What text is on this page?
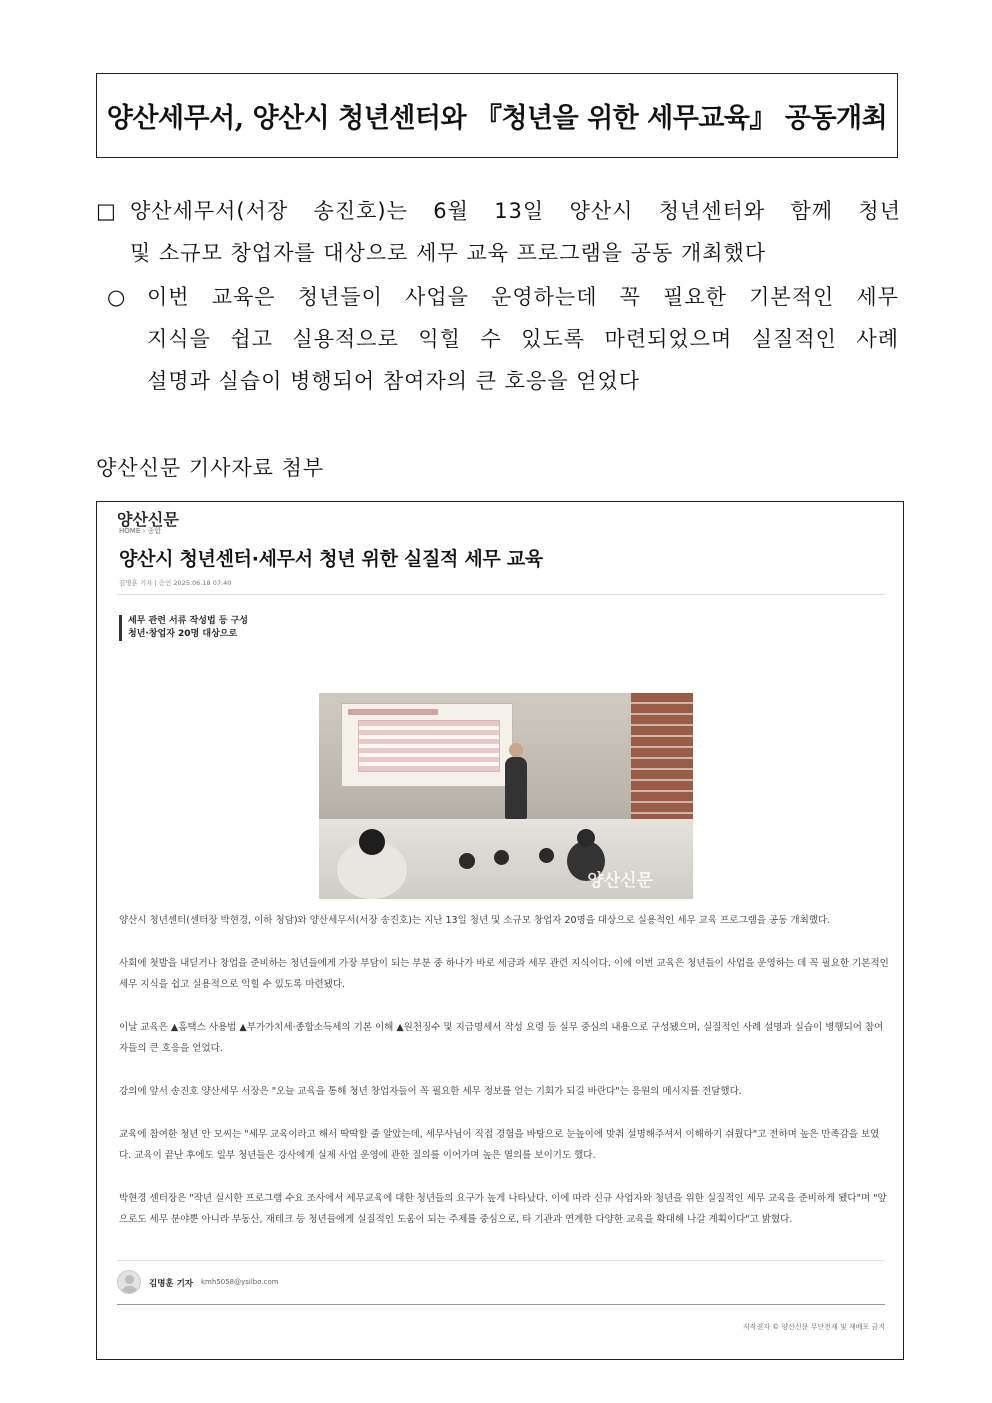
양산세무서, 양산시 청년센터와 『청년을 위한 세무교육』 공동개최
□ 양산세무서(서장 송진호)는 6월 13일 양산시 청년센터와 함께 청년
및 소규모 창업자를 대상으로 세무 교육 프로그램을 공동 개최했다
○ 이번 교육은 청년들이 사업을 운영하는데 꼭 필요한 기본적인 세무
지식을 쉽고 실용적으로 익힐 수 있도록 마련되었으며 실질적인 사례
설명과 실습이 병행되어 참여자의 큰 호응을 얻었다
양산신문 기사자료 첨부
양산신문
HOME › 종합
양산시 청년센터·세무서 청년 위한 실질적 세무 교육
김명훈 기자 | 승인 2025.06.18 07:40
세무 관련 서류 작성법 등 구성
청년·창업자 20명 대상으로
양산신문

양산시 청년센터(센터장 박현경, 이하 청담)와 양산세무서(서장 송진호)는 지난 13일 청년 및 소규모 창업자 20명을 대상으로 실용적인 세무 교육 프로그램을 공동 개최했다.

사회에 첫발을 내딛거나 창업을 준비하는 청년들에게 가장 부담이 되는 부분 중 하나가 바로 세금과 세무 관련 지식이다. 이에 이번 교육은 청년들이 사업을 운영하는 데 꼭 필요한 기본적인 세무 지식을 쉽고 실용적으로 익힐 수 있도록 마련됐다.

이날 교육은 ▲홈택스 사용법 ▲부가가치세·종합소득세의 기본 이해 ▲원천징수 및 지급명세서 작성 요령 등 실무 중심의 내용으로 구성됐으며, 실질적인 사례 설명과 실습이 병행되어 참여자들의 큰 호응을 얻었다.

강의에 앞서 송진호 양산세무 서장은 "오늘 교육을 통해 청년 창업자들이 꼭 필요한 세무 정보를 얻는 기회가 되길 바란다"는 응원의 메시지를 전달했다.

교육에 참여한 청년 안 모씨는 "세무 교육이라고 해서 딱딱할 줄 알았는데, 세무사님이 직접 경험을 바탕으로 눈높이에 맞춰 설명해주셔서 이해하기 쉬웠다"고 전하며 높은 만족감을 보였다. 교육이 끝난 후에도 일부 청년들은 강사에게 실제 사업 운영에 관한 질의를 이어가며 높은 열의를 보이기도 했다.

박현경 센터장은 "작년 실시한 프로그램 수요 조사에서 세무교육에 대한 청년들의 요구가 높게 나타났다. 이에 따라 신규 사업자와 청년을 위한 실질적인 세무 교육을 준비하게 됐다"며 "앞으로도 세무 분야뿐 아니라 부동산, 재테크 등 청년들에게 실질적인 도움이 되는 주제를 중심으로, 타 기관과 연계한 다양한 교육을 확대해 나갈 계획이다"고 밝혔다.

김명훈 기자 kmh5058@ysilbo.com
저작권자 © 양산신문 무단전재 및 재배포 금지
